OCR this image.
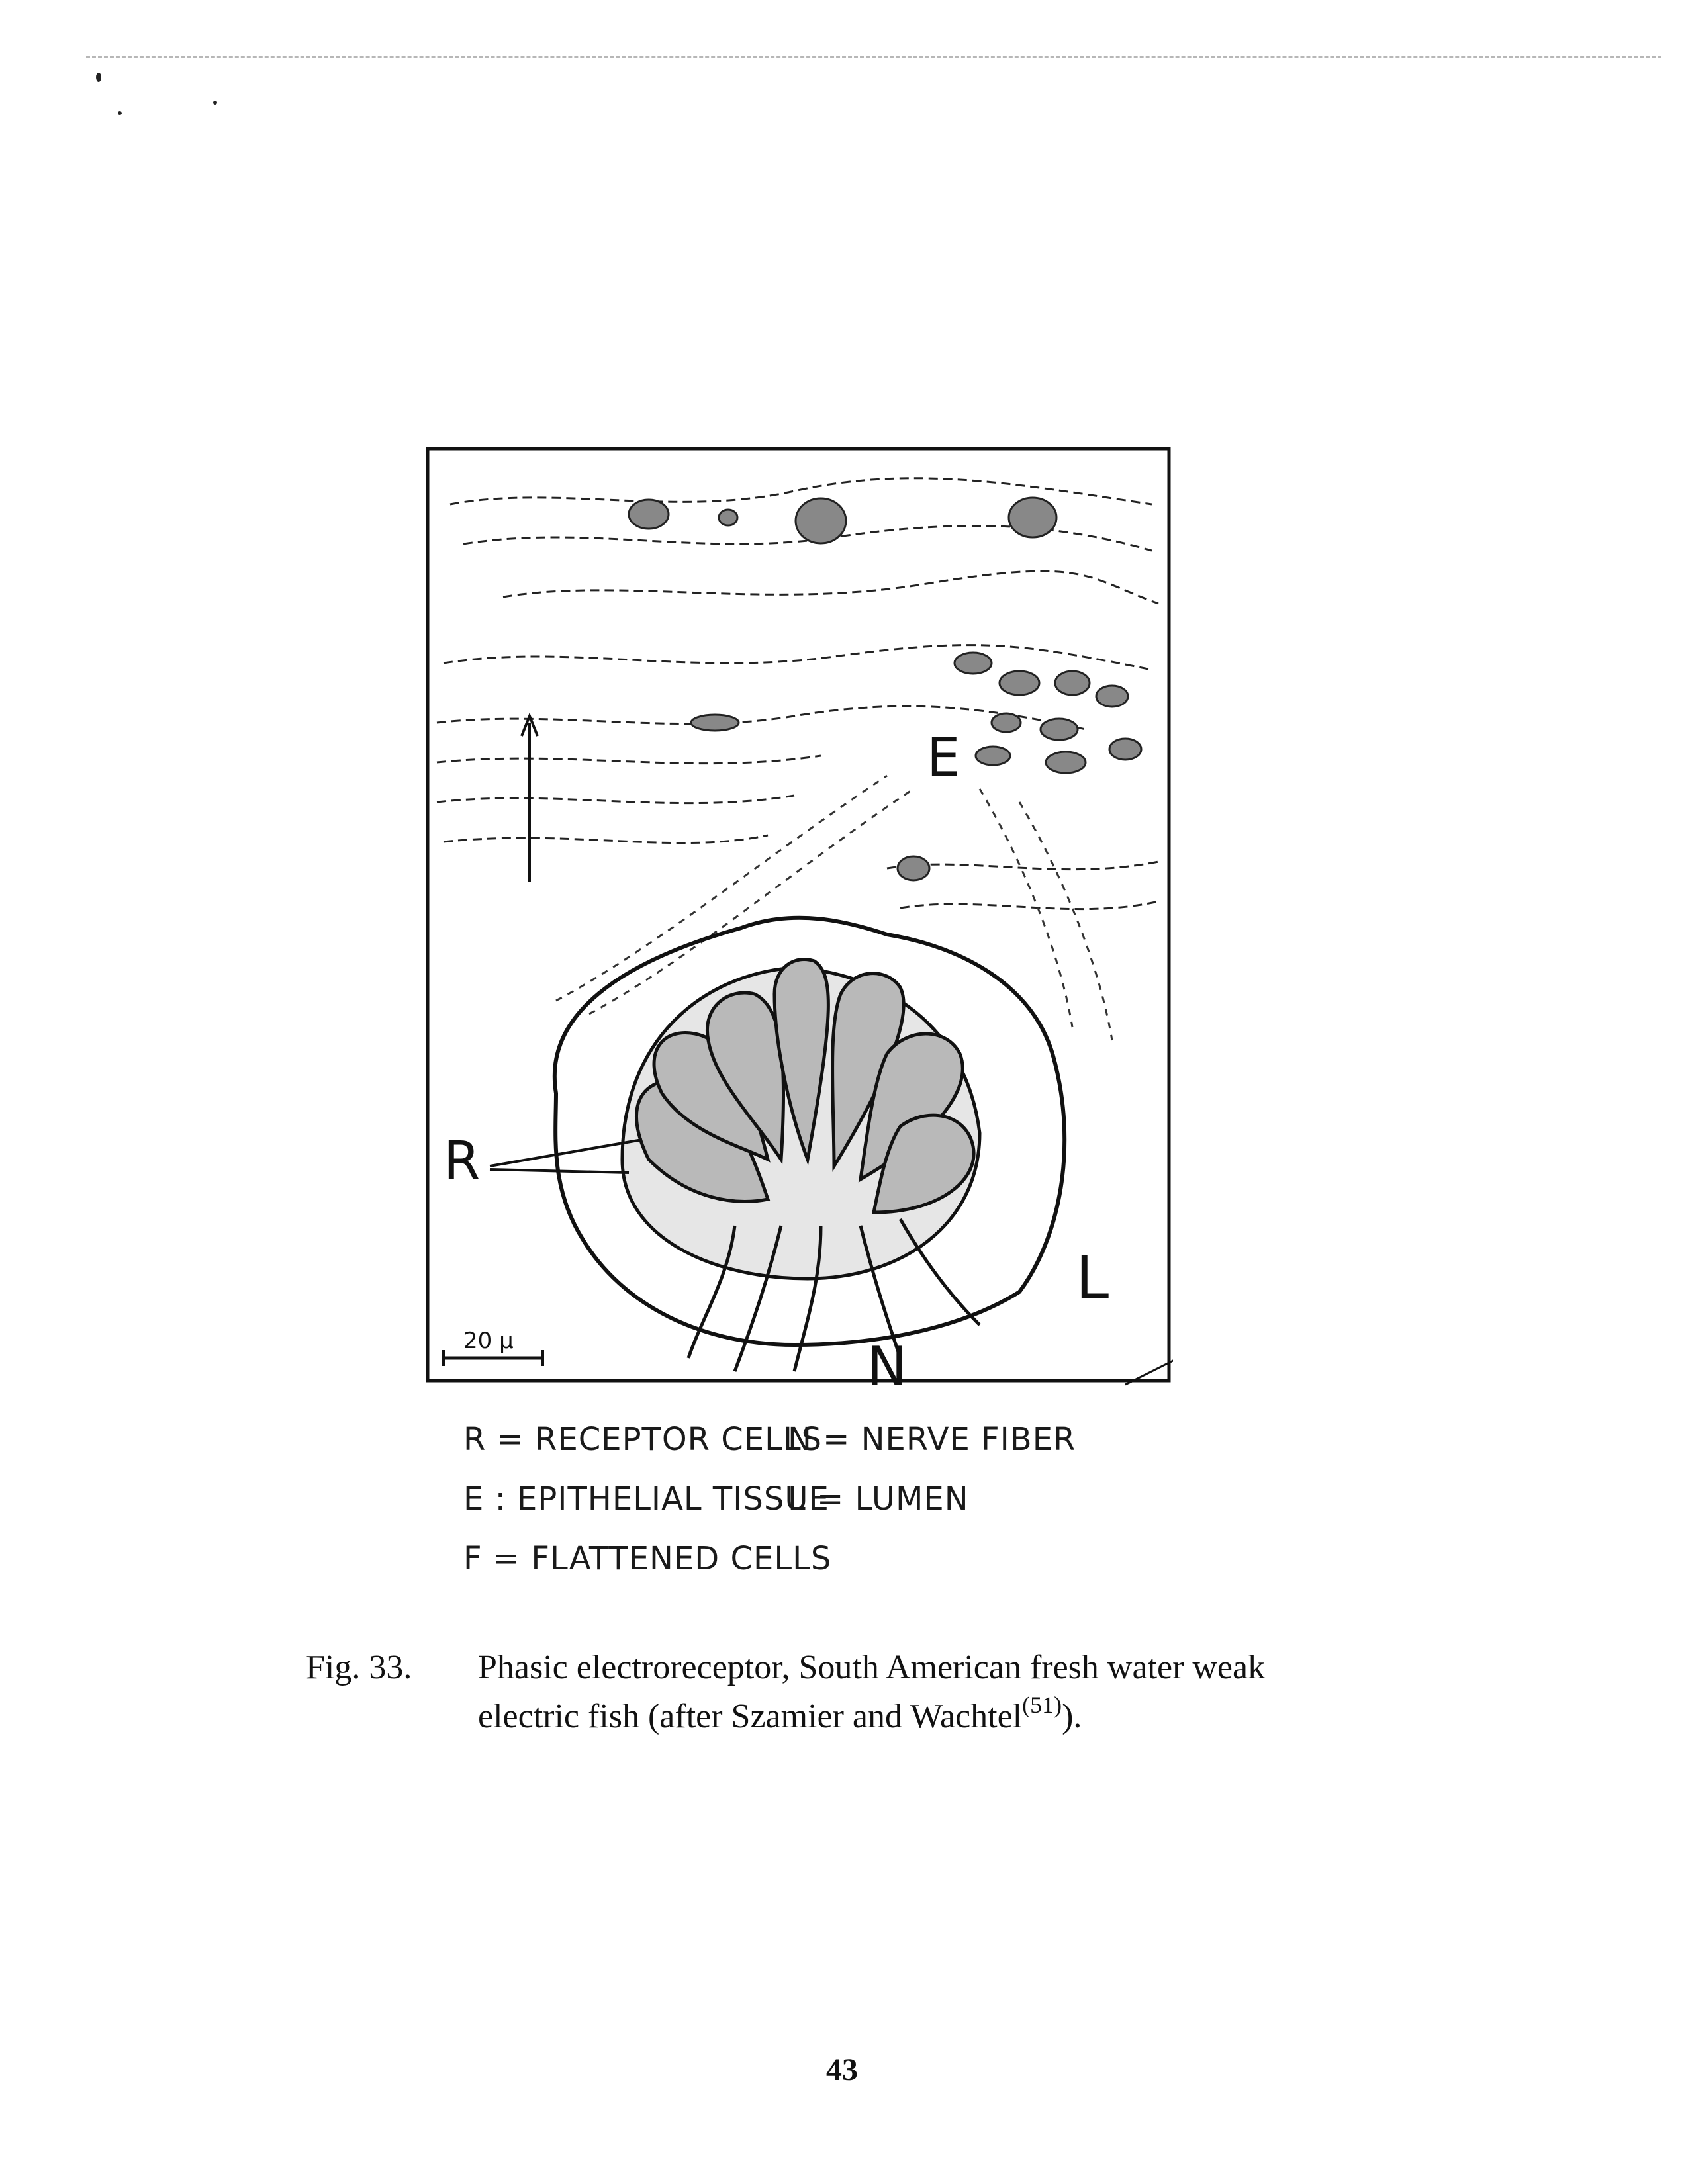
20 μ
E
R
L
N
R = RECEPTOR CELLS
N = NERVE FIBER
E : EPITHELIAL TISSUE
L = LUMEN
F = FLATTENED CELLS
Fig. 33.	Phasic electroreceptor, South American fresh water weak electric fish (after Szamier and Wachtel$^{(51)}$).
43
